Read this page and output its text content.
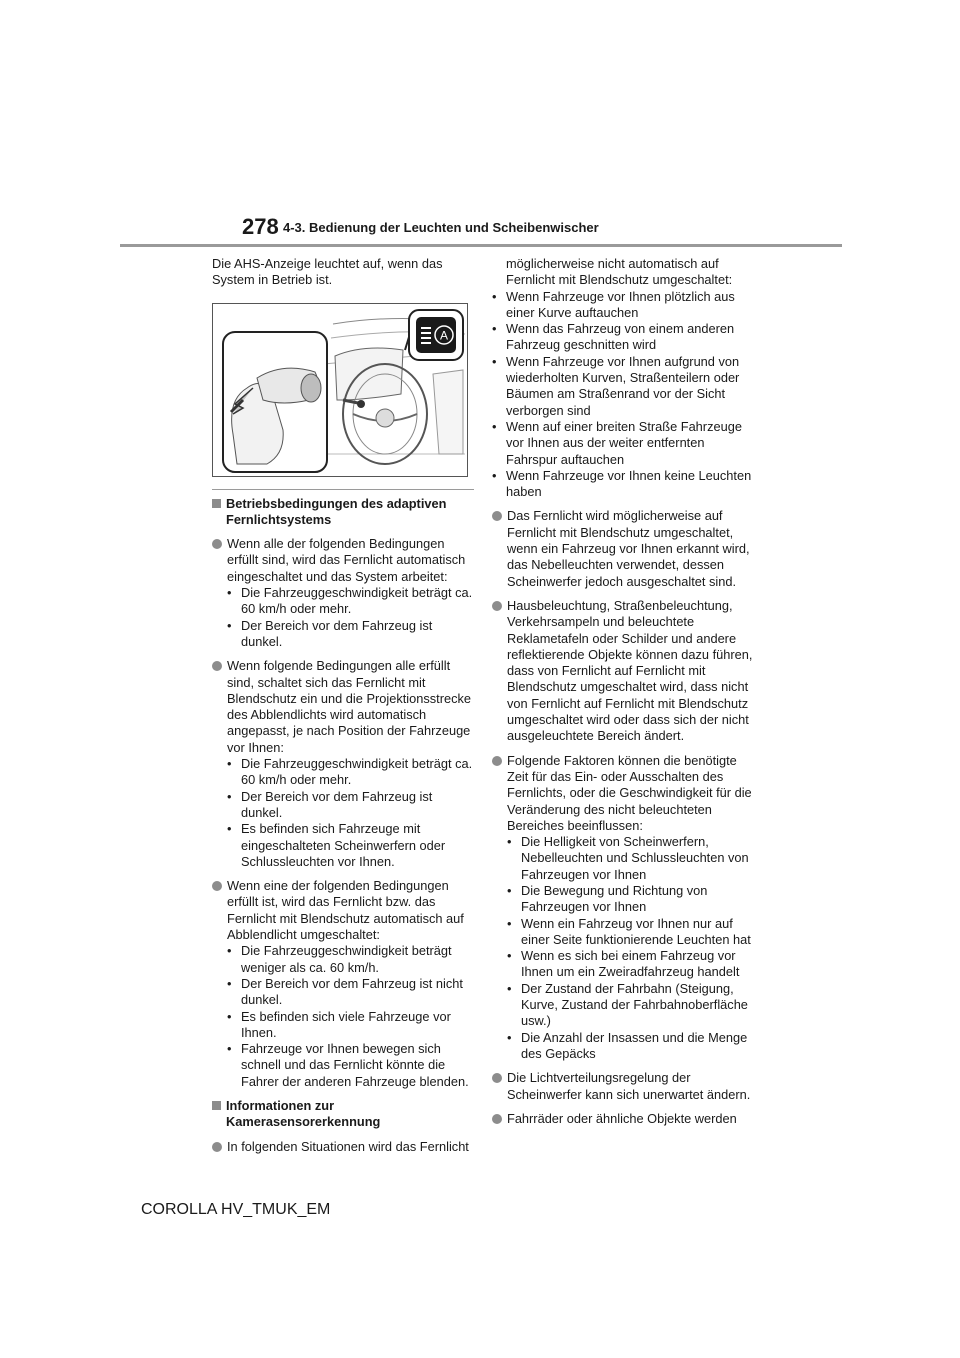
278 4-3. Bedienung der Leuchten und Scheibenwischer

Die AHS-Anzeige leuchtet auf, wenn das System in Betrieb ist.

A
Betriebsbedingungen des adaptiven Fernlichtsystems

Wenn alle der folgenden Bedingungen erfüllt sind, wird das Fernlicht automatisch eingeschaltet und das System arbeitet:

• Die Fahrzeuggeschwindigkeit beträgt ca. 60 km/h oder mehr.
• Der Bereich vor dem Fahrzeug ist dunkel.

Wenn folgende Bedingungen alle erfüllt sind, schaltet sich das Fernlicht mit Blendschutz ein und die Projektionsstrecke des Abblendlichts wird automatisch angepasst, je nach Position der Fahrzeuge vor Ihnen:

• Die Fahrzeuggeschwindigkeit beträgt ca. 60 km/h oder mehr.
• Der Bereich vor dem Fahrzeug ist dunkel.
• Es befinden sich Fahrzeuge mit eingeschalteten Scheinwerfern oder Schlussleuchten vor Ihnen.

Wenn eine der folgenden Bedingungen erfüllt ist, wird das Fernlicht bzw. das Fernlicht mit Blendschutz automatisch auf Abblendlicht umgeschaltet:

• Die Fahrzeuggeschwindigkeit beträgt weniger als ca. 60 km/h.
• Der Bereich vor dem Fahrzeug ist nicht dunkel.
• Es befinden sich viele Fahrzeuge vor Ihnen.
• Fahrzeuge vor Ihnen bewegen sich schnell und das Fernlicht könnte die Fahrer der anderen Fahrzeuge blenden.
Informationen zur Kamerasensorerkennung

In folgenden Situationen wird das Fernlicht

möglicherweise nicht automatisch auf Fernlicht mit Blendschutz umgeschaltet:

• Wenn Fahrzeuge vor Ihnen plötzlich aus einer Kurve auftauchen
• Wenn das Fahrzeug von einem anderen Fahrzeug geschnitten wird
• Wenn Fahrzeuge vor Ihnen aufgrund von wiederholten Kurven, Straßenteilern oder Bäumen am Straßenrand vor der Sicht verborgen sind
• Wenn auf einer breiten Straße Fahrzeuge vor Ihnen aus der weiter entfernten Fahrspur auftauchen
• Wenn Fahrzeuge vor Ihnen keine Leuchten haben

Das Fernlicht wird möglicherweise auf Fernlicht mit Blendschutz umgeschaltet, wenn ein Fahrzeug vor Ihnen erkannt wird, das Nebelleuchten verwendet, dessen Scheinwerfer jedoch ausgeschaltet sind.

Hausbeleuchtung, Straßenbeleuchtung, Verkehrsampeln und beleuchtete Reklametafeln oder Schilder und andere reflektierende Objekte können dazu führen, dass von Fernlicht auf Fernlicht mit Blendschutz umgeschaltet wird, dass nicht von Fernlicht auf Fernlicht mit Blendschutz umgeschaltet wird oder dass sich der nicht ausgeleuchtete Bereich ändert.

Folgende Faktoren können die benötigte Zeit für das Ein- oder Ausschalten des Fernlichts, oder die Geschwindigkeit für die Veränderung des nicht beleuchteten Bereiches beeinflussen:

• Die Helligkeit von Scheinwerfern, Nebelleuchten und Schlussleuchten von Fahrzeugen vor Ihnen
• Die Bewegung und Richtung von Fahrzeugen vor Ihnen
• Wenn ein Fahrzeug vor Ihnen nur auf einer Seite funktionierende Leuchten hat
• Wenn es sich bei einem Fahrzeug vor Ihnen um ein Zweiradfahrzeug handelt
• Der Zustand der Fahrbahn (Steigung, Kurve, Zustand der Fahrbahnoberfläche usw.)
• Die Anzahl der Insassen und die Menge des Gepäcks

Die Lichtverteilungsregelung der Scheinwerfer kann sich unerwartet ändern.

Fahrräder oder ähnliche Objekte werden

COROLLA HV_TMUK_EM
